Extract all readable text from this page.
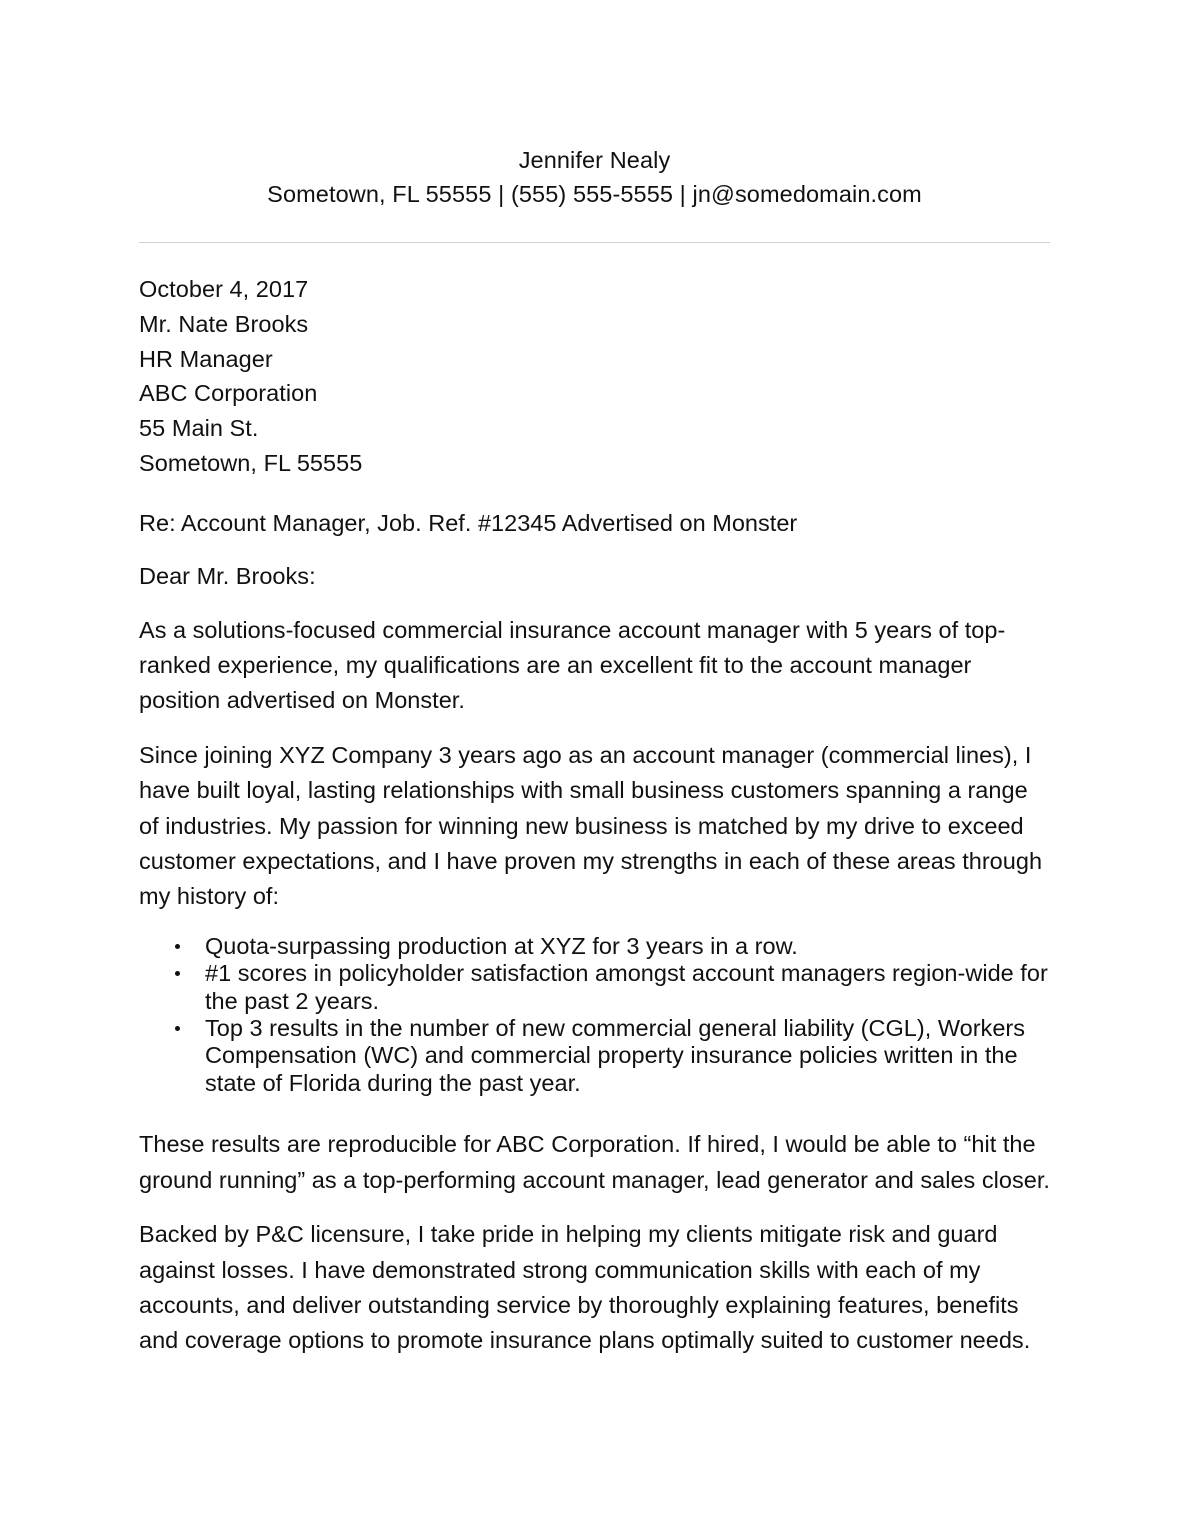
Jennifer Nealy
Sometown, FL 55555 | (555) 555-5555 | jn@somedomain.com
October 4, 2017
Mr. Nate Brooks
HR Manager
ABC Corporation
55 Main St.
Sometown, FL 55555
Re: Account Manager, Job. Ref. #12345 Advertised on Monster
Dear Mr. Brooks:
As a solutions-focused commercial insurance account manager with 5 years of top-ranked experience, my qualifications are an excellent fit to the account manager position advertised on Monster.
Since joining XYZ Company 3 years ago as an account manager (commercial lines), I have built loyal, lasting relationships with small business customers spanning a range of industries. My passion for winning new business is matched by my drive to exceed customer expectations, and I have proven my strengths in each of these areas through my history of:
Quota-surpassing production at XYZ for 3 years in a row.
#1 scores in policyholder satisfaction amongst account managers region-wide for the past 2 years.
Top 3 results in the number of new commercial general liability (CGL), Workers Compensation (WC) and commercial property insurance policies written in the state of Florida during the past year.
These results are reproducible for ABC Corporation. If hired, I would be able to “hit the ground running” as a top-performing account manager, lead generator and sales closer.
Backed by P&C licensure, I take pride in helping my clients mitigate risk and guard against losses. I have demonstrated strong communication skills with each of my accounts, and deliver outstanding service by thoroughly explaining features, benefits and coverage options to promote insurance plans optimally suited to customer needs.
